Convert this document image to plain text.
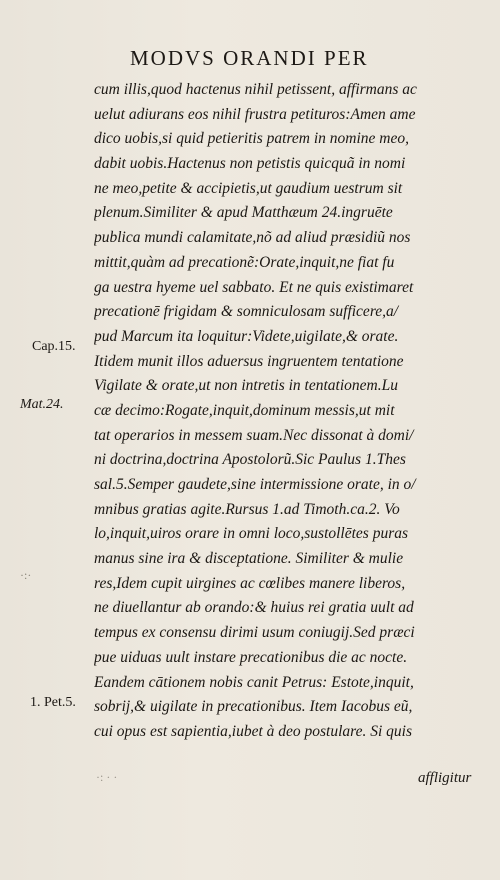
MODVS ORANDI PER
cum illis,quod hactenus nihil petissent, affirmans ac
uelut adiurans eos nihil frustra petituros:Amen ame
dico uobis,si quid petieritis patrem in nomine meo,
dabit uobis.Hactenus non petistis quicquã in nomi
ne meo,petite & accipietis,ut gaudium uestrum sit
plenum.Similiter & apud Matthæum 24.ingruēte
publica mundi calamitate,nõ ad aliud præsidiũ nos
mittit,quàm ad precationẽ:Orate,inquit,ne fiat fu
ga uestra hyeme uel sabbato. Et ne quis existimaret
precationē frigidam & somniculosam sufficere,a/
pud Marcum ita loquitur:Videte,uigilate,& orate.
Itidem munit illos aduersus ingruentem tentatione
Vigilate & orate,ut non intretis in tentationem.Lu
cæ decimo:Rogate,inquit,dominum messis,ut mit
tat operarios in messem suam.Nec dissonat à domi/
ni doctrina,doctrina Apostolorũ.Sic Paulus 1.Thes
sal.5.Semper gaudete,sine intermissione orate, in o/
mnibus gratias agite.Rursus 1.ad Timoth.ca.2. Vo
lo,inquit,uiros orare in omni loco,sustollētes puras
manus sine ira & disceptatione. Similiter & mulie
res,Idem cupit uirgines ac cœlibes manere liberos,
ne diuellantur ab orando:& huius rei gratia uult ad
tempus ex consensu dirimi usum coniugij.Sed præci
pue uiduas uult instare precationibus die ac nocte.
Eandem cātionem nobis canit Petrus: Estote,inquit,
sobrij,& uigilate in precationibus. Item Iacobus eũ,
cui opus est sapientia,iubet à deo postulare. Si quis
Cap.15.
Mat.24.
·:·
1. Pet.5.
·: · ·	affligitur
